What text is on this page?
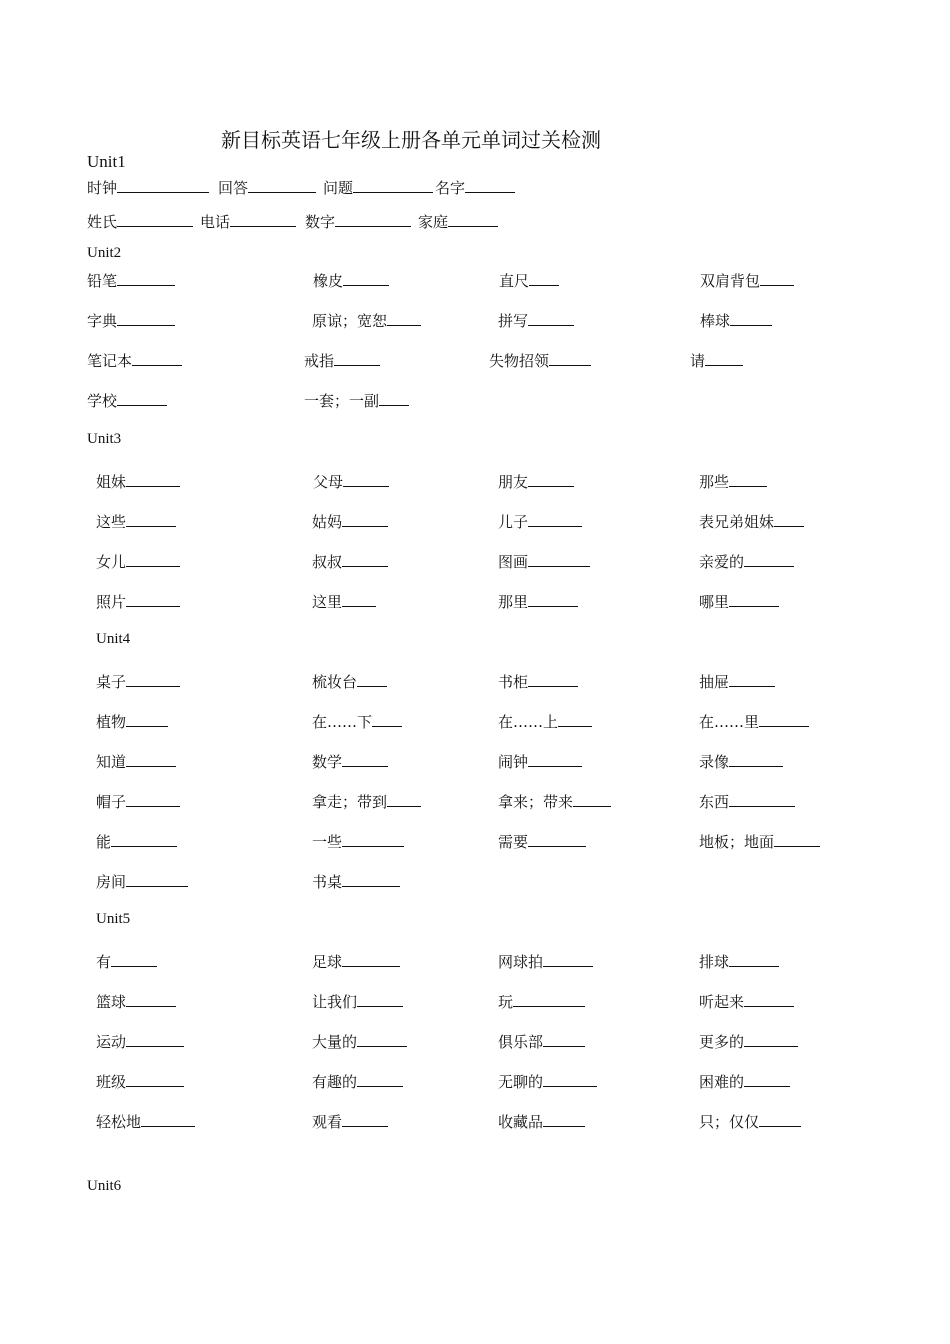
新目标英语七年级上册各单元单词过关检测
Unit1
时钟	回答	问题	名字
姓氏	电话	数字	家庭
Unit2
铅笔	橡皮	直尺	双肩背包
字典	原谅；宽恕	拼写	棒球
笔记本	戒指	失物招领	请
学校	一套；一副
Unit3
姐妹	父母	朋友	那些
这些	姑妈	儿子	表兄弟姐妹
女儿	叔叔	图画	亲爱的
照片	这里	那里	哪里
Unit4
桌子	梳妆台	书柜	抽屉
植物	在……下	在……上	在……里
知道	数学	闹钟	录像
帽子	拿走；带到	拿来；带来	东西
能	一些	需要	地板；地面
房间	书桌
Unit5
有	足球	网球拍	排球
篮球	让我们	玩	听起来
运动	大量的	俱乐部	更多的
班级	有趣的	无聊的	困难的
轻松地	观看	收藏品	只；仅仅
Unit6
